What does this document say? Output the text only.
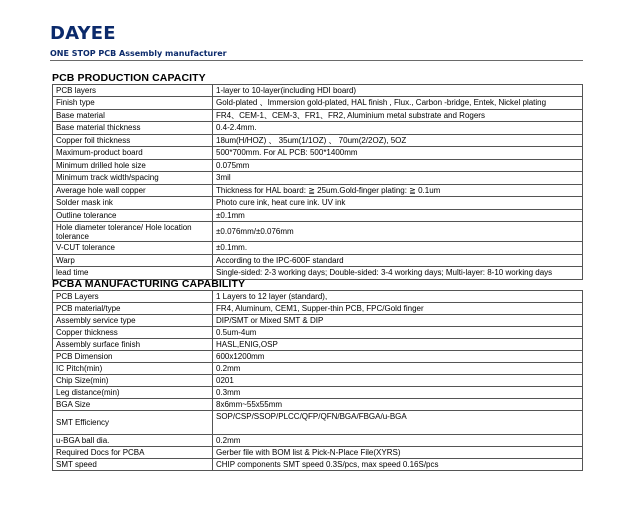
DAYEE
ONE STOP PCB Assembly manufacturer
PCB PRODUCTION CAPACITY
PCB layers	1-layer to 10-layer(including HDI board)
Finish type	Gold-plated 、Immersion gold-plated, HAL finish , Flux., Carbon -bridge, Entek, Nickel plating
Base material	FR4、CEM-1、CEM-3、FR1、FR2, Aluminium metal substrate and Rogers
Base material thickness	0.4-2.4mm.
Copper foil thickness	18um(H/HOZ) 、 35um(1/1OZ) 、 70um(2/2OZ), 5OZ
Maximum-product board	500*700mm. For AL PCB: 500*1400mm
Minimum drilled hole size	0.075mm
Minimum track width/spacing	3mil
Average hole wall copper	Thickness for HAL board: ≧ 25um.Gold-finger plating: ≧ 0.1um
Solder mask ink	Photo cure ink, heat cure ink. UV ink
Outline tolerance	±0.1mm
Hole diameter tolerance/ Hole location tolerance	±0.076mm/±0.076mm
V-CUT tolerance	±0.1mm.
Warp	According to the IPC-600F standard
lead time	Single-sided: 2-3 working days; Double-sided: 3-4 working days; Multi-layer: 8-10 working days
PCBA MANUFACTURING CAPABILITY
PCB Layers	1 Layers to 12 layer (standard),
PCB material/type	FR4, Aluminum, CEM1, Supper-thin PCB, FPC/Gold finger
Assembly service type	DIP/SMT or Mixed SMT & DIP
Copper thickness	0.5um-4um
Assembly surface finish	HASL,ENIG,OSP
PCB Dimension	600x1200mm
IC Pitch(min)	0.2mm
Chip Size(min)	0201
Leg distance(min)	0.3mm
BGA Size	8x6mm~55x55mm
SMT Efficiency	SOP/CSP/SSOP/PLCC/QFP/QFN/BGA/FBGA/u-BGA
u-BGA ball dia.	0.2mm
Required Docs for PCBA	Gerber file with BOM list & Pick-N-Place File(XYRS)
SMT speed	CHIP components SMT speed 0.3S/pcs, max speed 0.16S/pcs
